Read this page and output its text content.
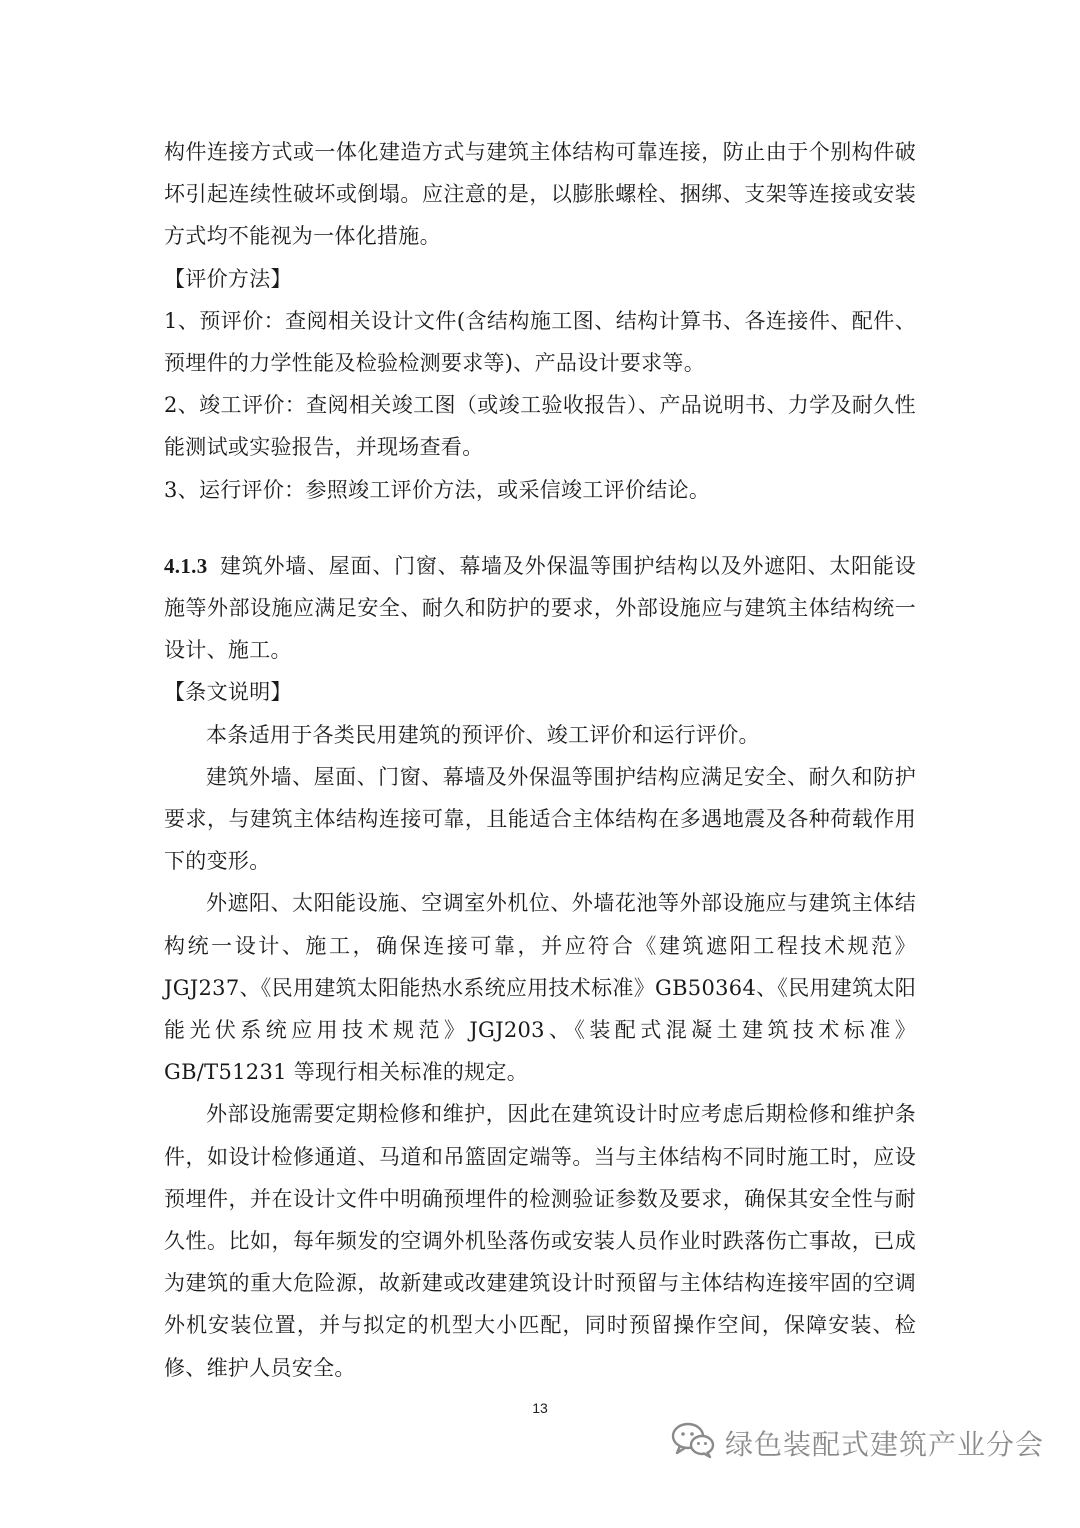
构件连接方式或一体化建造方式与建筑主体结构可靠连接，防止由于个别构件破坏引起连续性破坏或倒塌。应注意的是，以膨胀螺栓、捆绑、支架等连接或安装方式均不能视为一体化措施。

【评价方法】

1、预评价：查阅相关设计文件(含结构施工图、结构计算书、各连接件、配件、预埋件的力学性能及检验检测要求等)、产品设计要求等。

2、竣工评价：查阅相关竣工图（或竣工验收报告）、产品说明书、力学及耐久性能测试或实验报告，并现场查看。

3、运行评价：参照竣工评价方法，或采信竣工评价结论。

4.1.3 建筑外墙、屋面、门窗、幕墙及外保温等围护结构以及外遮阳、太阳能设施等外部设施应满足安全、耐久和防护的要求，外部设施应与建筑主体结构统一设计、施工。

【条文说明】

本条适用于各类民用建筑的预评价、竣工评价和运行评价。

建筑外墙、屋面、门窗、幕墙及外保温等围护结构应满足安全、耐久和防护要求，与建筑主体结构连接可靠，且能适合主体结构在多遇地震及各种荷载作用下的变形。

外遮阳、太阳能设施、空调室外机位、外墙花池等外部设施应与建筑主体结构统一设计、施工，确保连接可靠，并应符合《建筑遮阳工程技术规范》JGJ237、《民用建筑太阳能热水系统应用技术标准》GB50364、《民用建筑太阳能光伏系统应用技术规范》JGJ203、《装配式混凝土建筑技术标准》GB/T51231 等现行相关标准的规定。

外部设施需要定期检修和维护，因此在建筑设计时应考虑后期检修和维护条件，如设计检修通道、马道和吊篮固定端等。当与主体结构不同时施工时，应设预埋件，并在设计文件中明确预埋件的检测验证参数及要求，确保其安全性与耐久性。比如，每年频发的空调外机坠落伤或安装人员作业时跌落伤亡事故，已成为建筑的重大危险源，故新建或改建建筑设计时预留与主体结构连接牢固的空调外机安装位置，并与拟定的机型大小匹配，同时预留操作空间，保障安装、检修、维护人员安全。

13
绿色装配式建筑产业分会
